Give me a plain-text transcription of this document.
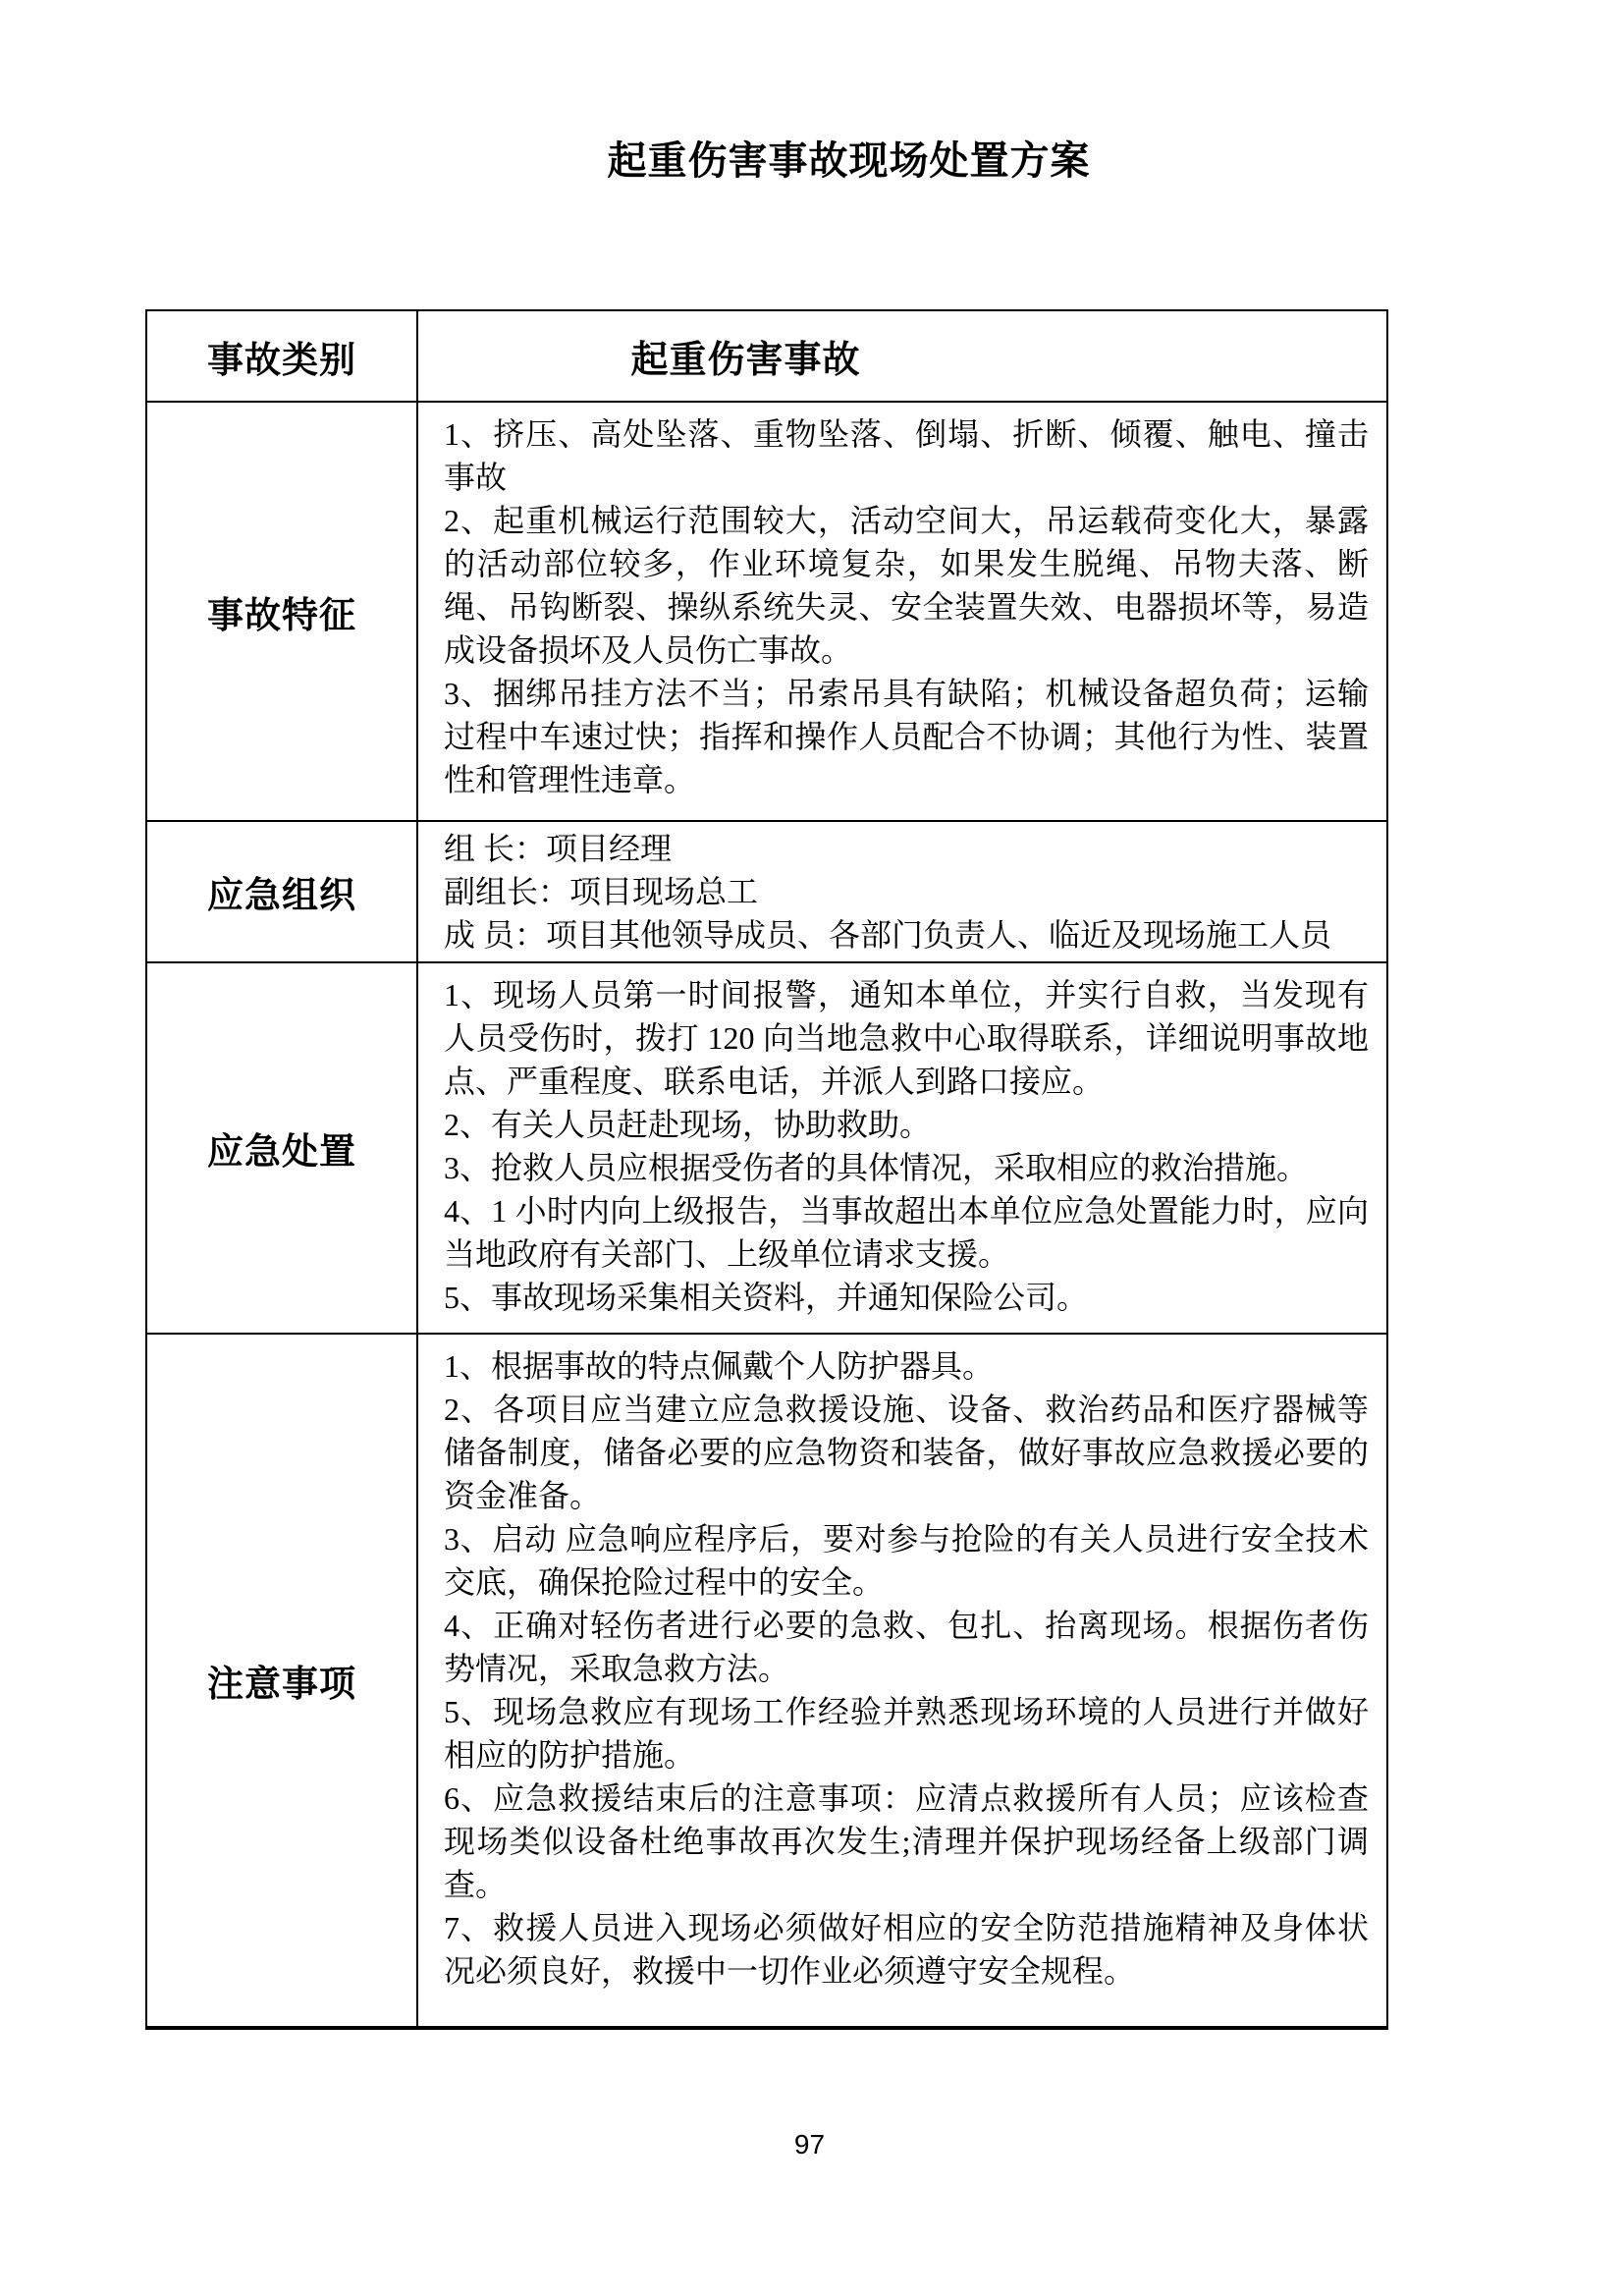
起重伤害事故现场处置方案
事故类别	起重伤害事故
事故特征	1、挤压、高处坠落、重物坠落、倒塌、折断、倾覆、触电、撞击事故

2、起重机械运行范围较大，活动空间大，吊运载荷变化大，暴露的活动部位较多，作业环境复杂，如果发生脱绳、吊物夫落、断绳、吊钩断裂、操纵系统失灵、安全装置失效、电器损坏等，易造成设备损坏及人员伤亡事故。

3、捆绑吊挂方法不当；吊索吊具有缺陷；机械设备超负荷；运输过程中车速过快；指挥和操作人员配合不协调；其他行为性、装置性和管理性违章。

应急组织	组 长：项目经理

副组长：项目现场总工

成 员：项目其他领导成员、各部门负责人、临近及现场施工人员

应急处置	1、现场人员第一时间报警，通知本单位，并实行自救，当发现有人员受伤时，拨打 120 向当地急救中心取得联系，详细说明事故地点、严重程度、联系电话，并派人到路口接应。

2、有关人员赶赴现场，协助救助。

3、抢救人员应根据受伤者的具体情况，采取相应的救治措施。

4、1 小时内向上级报告，当事故超出本单位应急处置能力时，应向当地政府有关部门、上级单位请求支援。

5、事故现场采集相关资料，并通知保险公司。

注意事项	

1、根据事故的特点佩戴个人防护器具。

2、各项目应当建立应急救援设施、设备、救治药品和医疗器械等储备制度，储备必要的应急物资和装备，做好事故应急救援必要的资金准备。

3、启动 应急响应程序后，要对参与抢险的有关人员进行安全技术交底，确保抢险过程中的安全。

4、正确对轻伤者进行必要的急救、包扎、抬离现场。根据伤者伤势情况，采取急救方法。

5、现场急救应有现场工作经验并熟悉现场环境的人员进行并做好相应的防护措施。

6、应急救援结束后的注意事项：应清点救援所有人员；应该检查现场类似设备杜绝事故再次发生;清理并保护现场经备上级部门调查。

7、救援人员进入现场必须做好相应的安全防范措施精神及身体状况必须良好，救援中一切作业必须遵守安全规程。

97
